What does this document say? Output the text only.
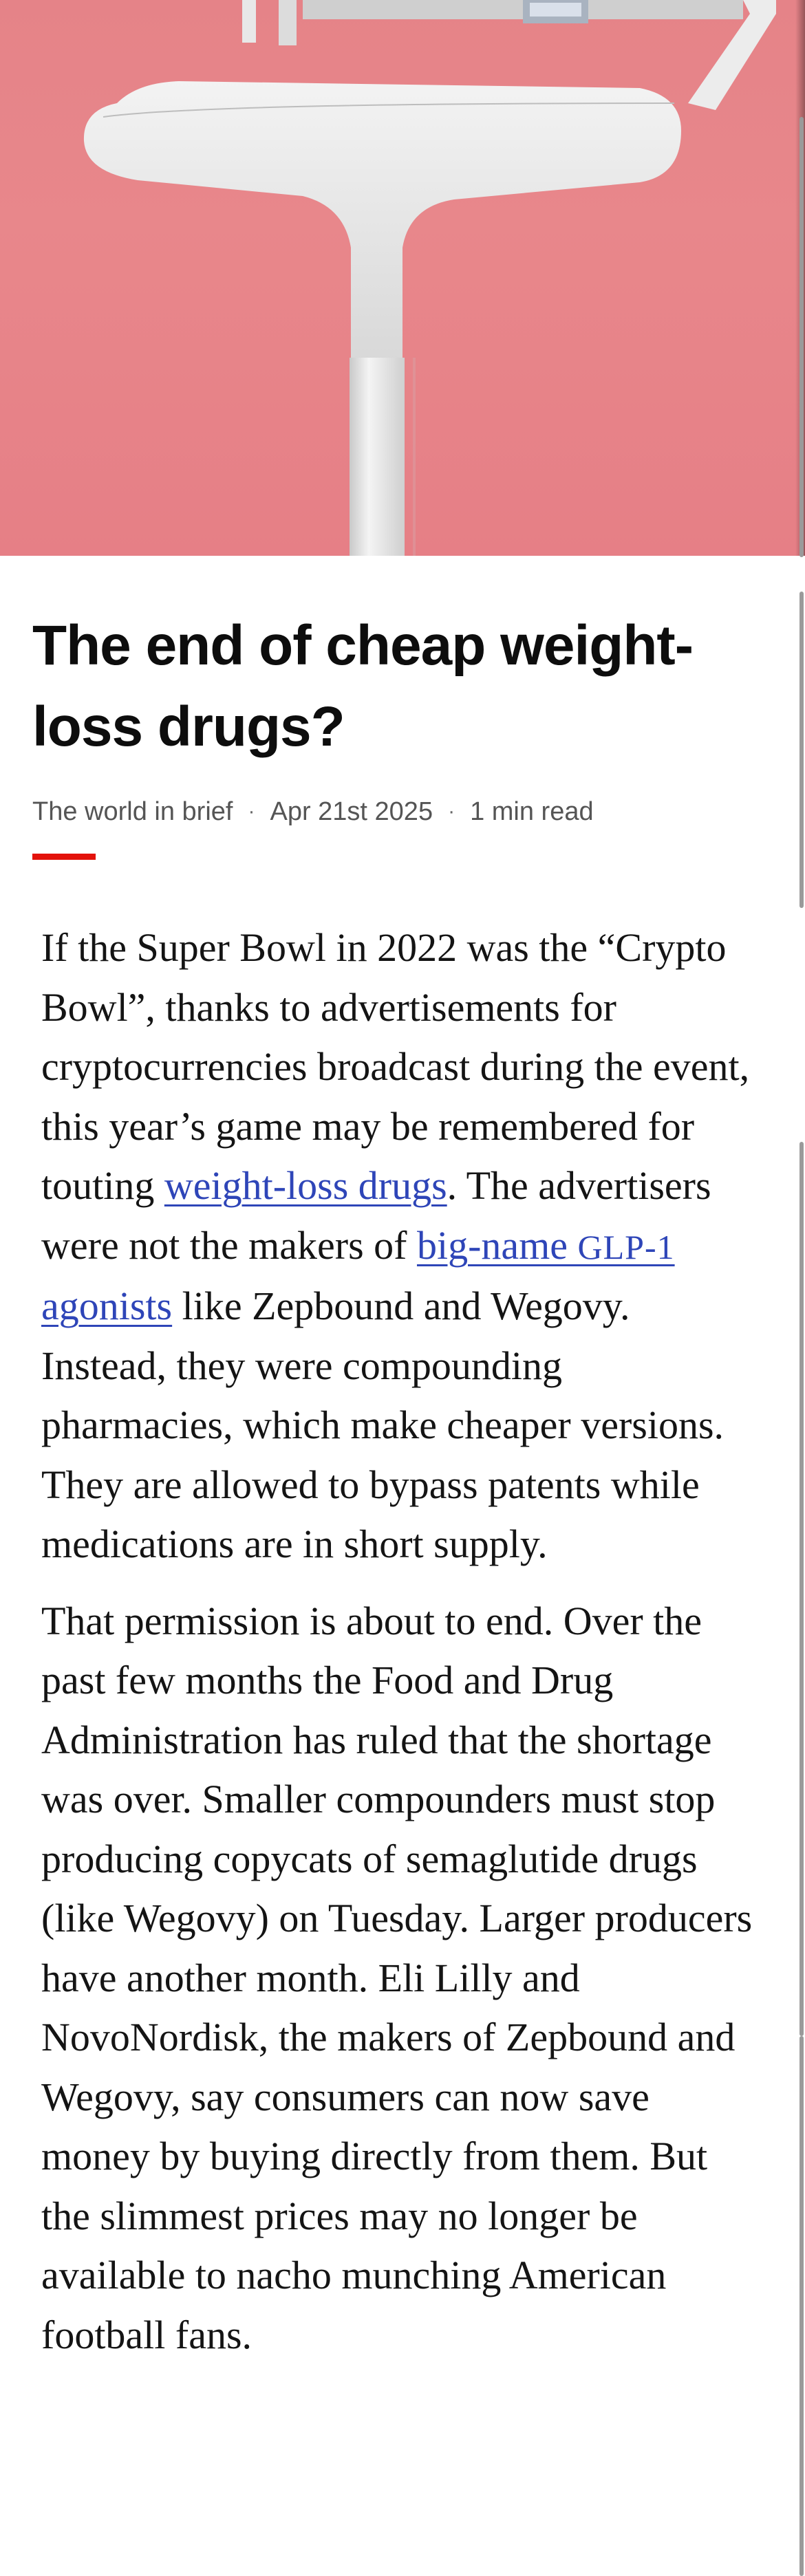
The end of cheap weight-loss drugs?
The world in brief · Apr 21st 2025 · 1 min read

If the Super Bowl in 2022 was the “Crypto Bowl”, thanks to advertisements for cryptocurrencies broadcast during the event, this year’s game may be remembered for touting weight-loss drugs. The advertisers were not the makers of big-name GLP-1 agonists like Zepbound and Wegovy. Instead, they were compounding pharmacies, which make cheaper versions. They are allowed to bypass patents while medications are in short supply.

That permission is about to end. Over the past few months the Food and Drug Administration has ruled that the shortage was over. Smaller compounders must stop producing copycats of semaglutide drugs (like Wegovy) on Tuesday. Larger producers have another month. Eli Lilly and NovoNordisk, the makers of Zepbound and Wegovy, say consumers can now save money by buying directly from them. But the slimmest prices may no longer be available to nacho munching American football fans.
